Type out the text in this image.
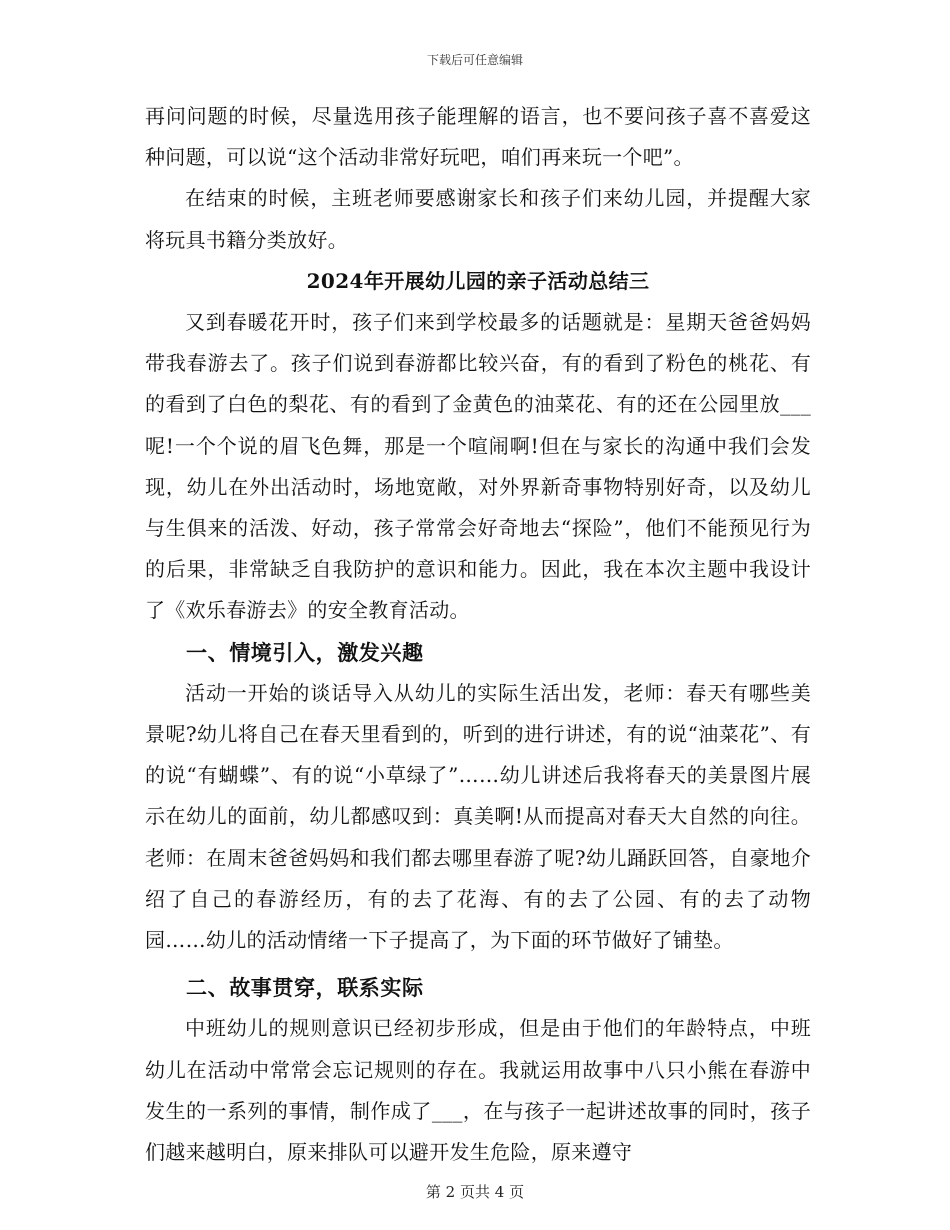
下载后可任意编辑

再问问题的时候，尽量选用孩子能理解的语言，也不要问孩子喜不喜爱这种问题，可以说“这个活动非常好玩吧，咱们再来玩一个吧”。

在结束的时候，主班老师要感谢家长和孩子们来幼儿园，并提醒大家将玩具书籍分类放好。

2024年开展幼儿园的亲子活动总结三

又到春暖花开时，孩子们来到学校最多的话题就是：星期天爸爸妈妈带我春游去了。孩子们说到春游都比较兴奋，有的看到了粉色的桃花、有的看到了白色的梨花、有的看到了金黄色的油菜花、有的还在公园里放___呢!一个个说的眉飞色舞，那是一个喧闹啊!但在与家长的沟通中我们会发现，幼儿在外出活动时，场地宽敞，对外界新奇事物特别好奇，以及幼儿与生俱来的活泼、好动，孩子常常会好奇地去“探险”，他们不能预见行为的后果，非常缺乏自我防护的意识和能力。因此，我在本次主题中我设计了《欢乐春游去》的安全教育活动。

一、情境引入，激发兴趣

活动一开始的谈话导入从幼儿的实际生活出发，老师：春天有哪些美景呢?幼儿将自己在春天里看到的，听到的进行讲述，有的说“油菜花”、有的说“有蝴蝶”、有的说“小草绿了”……幼儿讲述后我将春天的美景图片展示在幼儿的面前，幼儿都感叹到：真美啊!从而提高对春天大自然的向往。老师：在周末爸爸妈妈和我们都去哪里春游了呢?幼儿踊跃回答，自豪地介绍了自己的春游经历，有的去了花海、有的去了公园、有的去了动物园……幼儿的活动情绪一下子提高了，为下面的环节做好了铺垫。

二、故事贯穿，联系实际

中班幼儿的规则意识已经初步形成，但是由于他们的年龄特点，中班幼儿在活动中常常会忘记规则的存在。我就运用故事中八只小熊在春游中发生的一系列的事情，制作成了___，在与孩子一起讲述故事的同时，孩子们越来越明白，原来排队可以避开发生危险，原来遵守

第 2 页共 4 页
